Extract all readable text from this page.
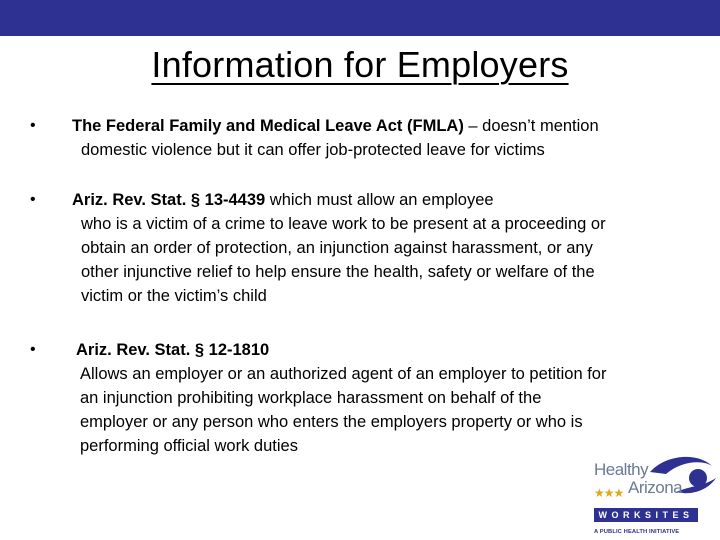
Information for Employers
• The Federal Family and Medical Leave Act (FMLA) – doesn’t mention
domestic violence but it can offer job-protected leave for victims
• Ariz. Rev. Stat. § 13-4439 which must allow an employee
who is a victim of a crime to leave work to be present at a proceeding or
obtain an order of protection, an injunction against harassment, or any
other injunctive relief to help ensure the health, safety or welfare of the
victim or the victim’s child
• Ariz. Rev. Stat. § 12-1810
Allows an employer or an authorized agent of an employer to petition for
an injunction prohibiting workplace harassment on behalf of the
employer or any person who enters the employers property or who is
performing official work duties
Healthy
★★★ Arizona
WORKSITES
A PUBLIC HEALTH INITIATIVE
